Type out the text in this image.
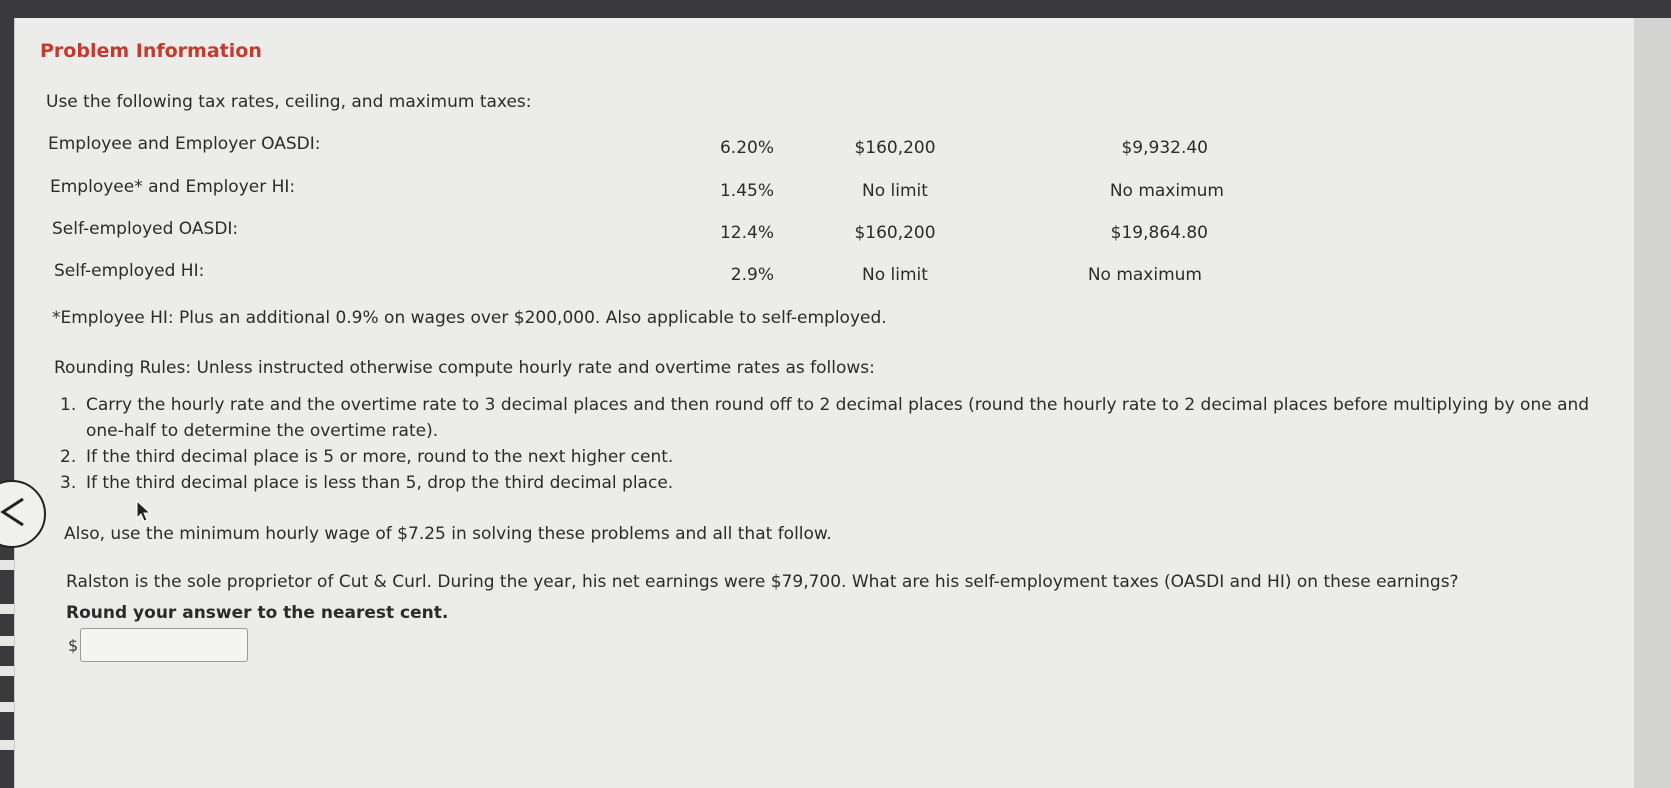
Problem Information
Use the following tax rates, ceiling, and maximum taxes:
Employee and Employer OASDI:	6.20%	$160,200	$9,932.40
Employee* and Employer HI:	1.45%	No limit	No maximum
Self-employed OASDI:	12.4%	$160,200	$19,864.80
Self-employed HI:	2.9%	No limit	No maximum
*Employee HI: Plus an additional 0.9% on wages over $200,000. Also applicable to self-employed.
Rounding Rules: Unless instructed otherwise compute hourly rate and overtime rates as follows:
1. Carry the hourly rate and the overtime rate to 3 decimal places and then round off to 2 decimal places (round the hourly rate to 2 decimal places before multiplying by one and one-half to determine the overtime rate).
2. If the third decimal place is 5 or more, round to the next higher cent.
3. If the third decimal place is less than 5, drop the third decimal place.
Also, use the minimum hourly wage of $7.25 in solving these problems and all that follow.
Ralston is the sole proprietor of Cut & Curl. During the year, his net earnings were $79,700. What are his self-employment taxes (OASDI and HI) on these earnings?
Round your answer to the nearest cent.
$
